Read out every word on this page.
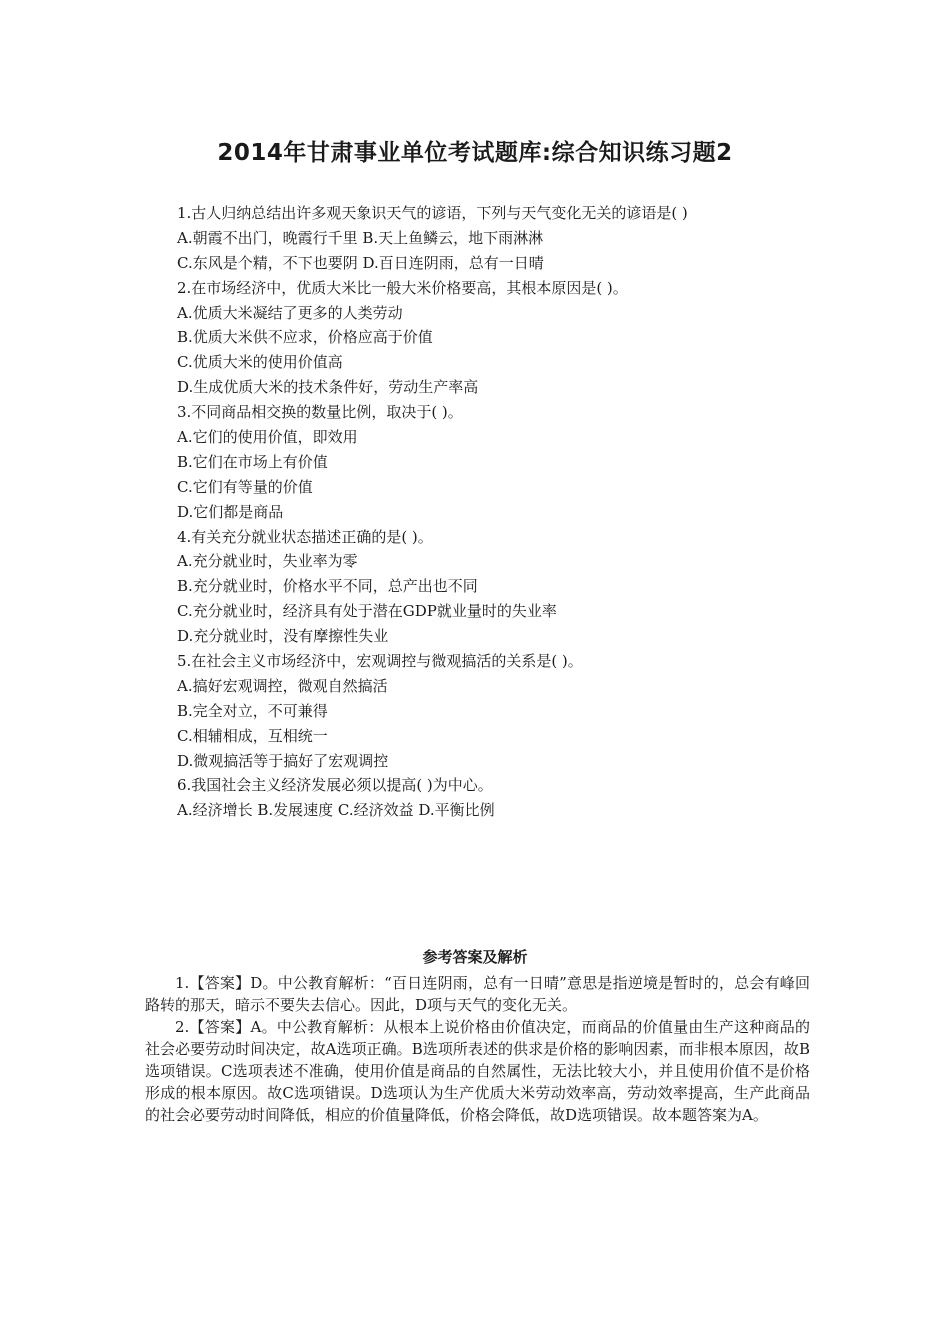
2014年甘肃事业单位考试题库:综合知识练习题2
1.古人归纳总结出许多观天象识天气的谚语，下列与天气变化无关的谚语是( )
A.朝霞不出门，晚霞行千里 B.天上鱼鳞云，地下雨淋淋
C.东风是个精，不下也要阴 D.百日连阴雨，总有一日晴
2.在市场经济中，优质大米比一般大米价格要高，其根本原因是( )。
A.优质大米凝结了更多的人类劳动
B.优质大米供不应求，价格应高于价值
C.优质大米的使用价值高
D.生成优质大米的技术条件好，劳动生产率高
3.不同商品相交换的数量比例，取决于( )。
A.它们的使用价值，即效用
B.它们在市场上有价值
C.它们有等量的价值
D.它们都是商品
4.有关充分就业状态描述正确的是( )。
A.充分就业时，失业率为零
B.充分就业时，价格水平不同，总产出也不同
C.充分就业时，经济具有处于潜在GDP就业量时的失业率
D.充分就业时，没有摩擦性失业
5.在社会主义市场经济中，宏观调控与微观搞活的关系是( )。
A.搞好宏观调控，微观自然搞活
B.完全对立，不可兼得
C.相辅相成，互相统一
D.微观搞活等于搞好了宏观调控
6.我国社会主义经济发展必须以提高( )为中心。
A.经济增长 B.发展速度 C.经济效益 D.平衡比例
参考答案及解析

1.【答案】D。中公教育解析：“百日连阴雨，总有一日晴”意思是指逆境是暂时的，总会有峰回路转的那天，暗示不要失去信心。因此，D项与天气的变化无关。

2.【答案】A。中公教育解析：从根本上说价格由价值决定，而商品的价值量由生产这种商品的社会必要劳动时间决定，故A选项正确。B选项所表述的供求是价格的影响因素，而非根本原因，故B选项错误。C选项表述不准确，使用价值是商品的自然属性，无法比较大小，并且使用价值不是价格形成的根本原因。故C选项错误。D选项认为生产优质大米劳动效率高，劳动效率提高，生产此商品的社会必要劳动时间降低，相应的价值量降低，价格会降低，故D选项错误。故本题答案为A。
